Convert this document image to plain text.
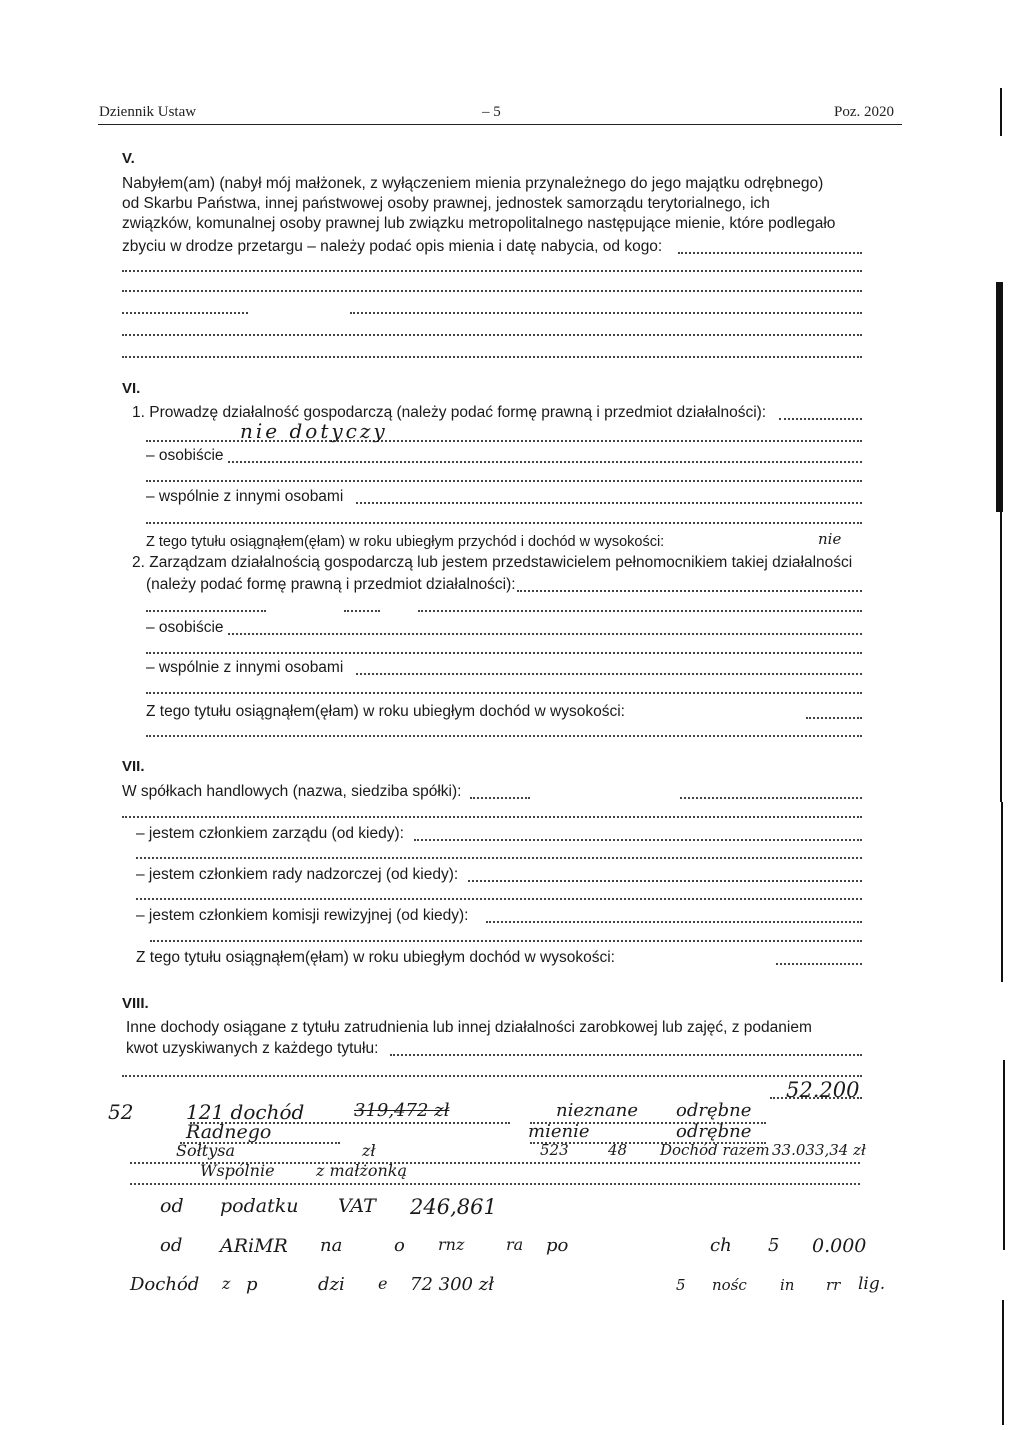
Dziennik Ustaw	– 5	Poz. 2020
V.
Nabyłem(am) (nabył mój małżonek, z wyłączeniem mienia przynależnego do jego majątku odrębnego)
od Skarbu Państwa, innej państwowej osoby prawnej, jednostek samorządu terytorialnego, ich
związków, komunalnej osoby prawnej lub związku metropolitalnego następujące mienie, które podlegało
zbyciu w drodze przetargu – należy podać opis mienia i datę nabycia, od kogo:
VI.
1. Prowadzę działalność gospodarczą (należy podać formę prawną i przedmiot działalności):
nie dotyczy
– osobiście
– wspólnie z innymi osobami
Z tego tytułu osiągnąłem(ęłam) w roku ubiegłym przychód i dochód w wysokości:	nie
2. Zarządzam działalnością gospodarczą lub jestem przedstawicielem pełnomocnikiem takiej działalności
(należy podać formę prawną i przedmiot działalności):
– osobiście
– wspólnie z innymi osobami
Z tego tytułu osiągnąłem(ęłam) w roku ubiegłym dochód w wysokości:
VII.
W spółkach handlowych (nazwa, siedziba spółki):
– jestem członkiem zarządu (od kiedy):
– jestem członkiem rady nadzorczej (od kiedy):
– jestem członkiem komisji rewizyjnej (od kiedy):
Z tego tytułu osiągnąłem(ęłam) w roku ubiegłym dochód w wysokości:
VIII.
Inne dochody osiągane z tytułu zatrudnienia lub innej działalności zarobkowej lub zajęć, z podaniem
kwot uzyskiwanych z każdego tytułu:
52.200
52	121 dochód	319,472 zł	nieznane odrębne
Radnego	mienie	odrębne
Sołtysa	zł	523	48 Dochód razem 33.033,34 zł
Wspólnie	z małżonką
od podatku VAT 246,861
od ARiMR na	o rnz	ra po	ch 5 0.000
Dochód z p	dzi e 72 300 zł	5 nośc in rr lig.
